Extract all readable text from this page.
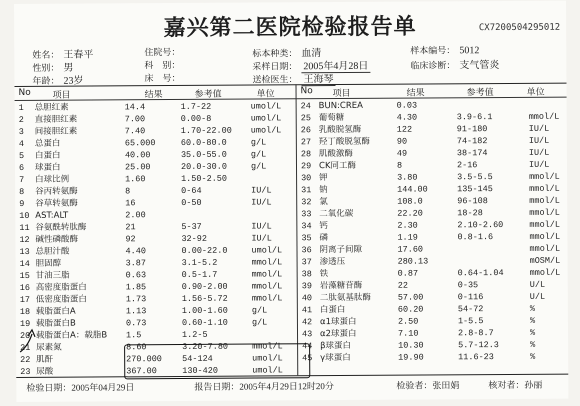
嘉兴第二医院检验报告单	CX7200504295012
姓名： 王春平
性别： 男
年龄： 23岁
住院号：
科　别：
床　号：
标本种类： 血清
采样日期： 2005年4月28日
送检医生： 王海琴
样本编号： 5012
临床诊断： 支气管炎
No 项目	结果	参考值	单位	No 项目	结果	参考值	单位
1 总胆红素	14.4	1.7-22	umol/L
2 直接胆红素	7.00	0.00-8	umol/L
3 间接胆红素	7.40	1.70-22.00 umol/L
4 总蛋白	65.000	60.0-80.0	g/L
5 白蛋白	40.00	35.0-55.0	g/L
6 球蛋白	25.00	20.0-30.0	g/L
7 白球比例	1.60	1.50-2.50
8 谷丙转氨酶	8	0-64	IU/L
9 谷草转氨酶	16	0-50	IU/L
10 AST:ALT	2.00
11 谷氨酰转肽酶	21	5-37	IU/L
12 碱性磷酸酶	92	32-92	IU/L
13 总胆汁酸	4.40	0.00-22.0	umol/L
14 胆固醇	3.87	3.1-5.2	mmol/L
15 甘油三脂	0.63	0.5-1.7	mmol/L
16 高密度脂蛋白	1.85	0.90-2.00	mmol/L
17 低密度脂蛋白	1.73	1.56-5.72	mmol/L
18 载脂蛋白A	1.13	1.00-1.60	g/L
19 载脂蛋白B	0.73	0.60-1.10	g/L
20 载脂蛋白A：载脂B 1.5	1.2-5
21 尿素氮	8.60	3.20-7.80	mmol/L
22 肌酐	270.000 54-124	umol/L
23 尿酸	367.00	130-420	umol/L
24 BUN:CREA	0.03
25 葡萄糖	4.30	3.9-6.1	mmol/L
26 乳酸脱氢酶	122	91-180	IU/L
27 羟丁酸脱氢酶	90	74-182	IU/L
28 肌酸激酶	49	38-174	IU/L
29 CK同工酶	8	2-16	IU/L
30 钾	3.80	3.5-5.5	mmol/L
31 钠	144.00	135-145	mmol/L
32 氯	108.0	96-108	mmol/L
33 二氧化碳	22.20	18-28	mmol/L
34 钙	2.30	2.10-2.60	mmol/L
35 磷	1.19	0.8-1.6	mmol/L
36 阴离子间隙	17.60	mmol/L
37 渗透压	280.13	mOSM/L
38 铁	0.87	0.64-1.04	mmol/L
39 岩藻糖苷酶	22	0-35	U/L
40 二肽氨基肽酶	57.00	0-116	U/L
41 白蛋白	60.20	54-72	%
42 α1球蛋白	2.50	1-5.5	%
43 α2球蛋白	7.10	2.8-8.7	%
44 β球蛋白	10.30	5.7-12.3	%
45 γ球蛋白	19.90	11.6-23	%
检验日期：2005年04月29日	报告日期：2005年4月29日12时20分	检验者：张田娟	核对者：孙丽
